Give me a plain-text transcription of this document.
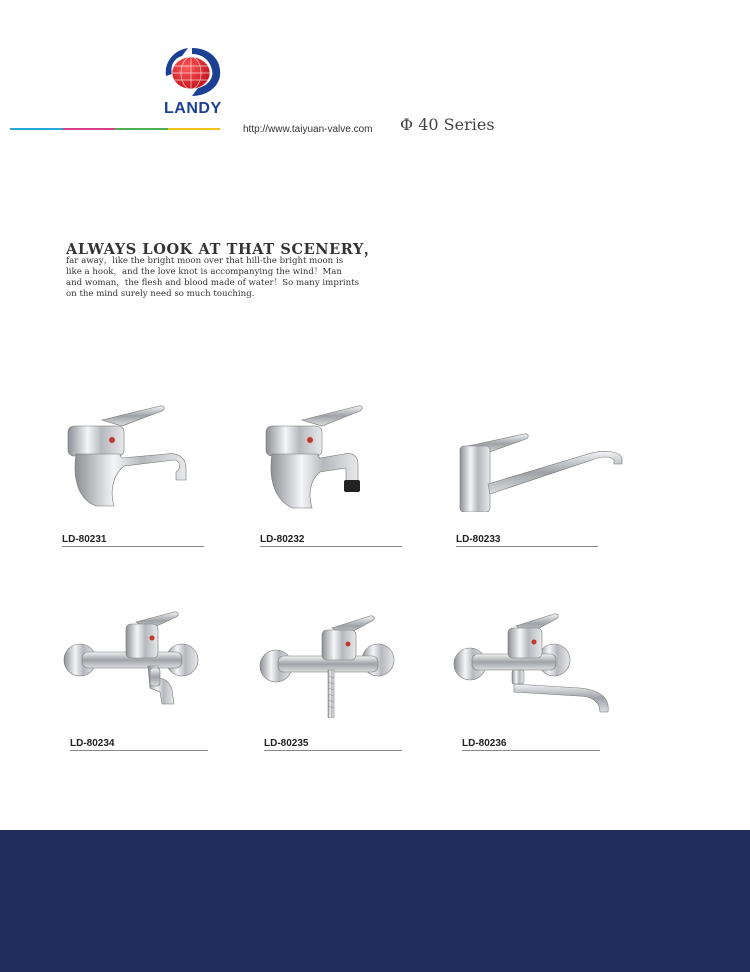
LANDY
http://www.taiyuan-valve.com Φ 40 Series
ALWAYS LOOK AT THAT SCENERY，
far away，like the bright moon over that hill-the bright moon is
like a hook，and the love knot is accompanying the wind！Man
and woman，the flesh and blood made of water！So many imprints
on the mind surely need so much touching.
LD-80231	LD-80232	LD-80233
LD-80234	LD-80235	LD-80236
